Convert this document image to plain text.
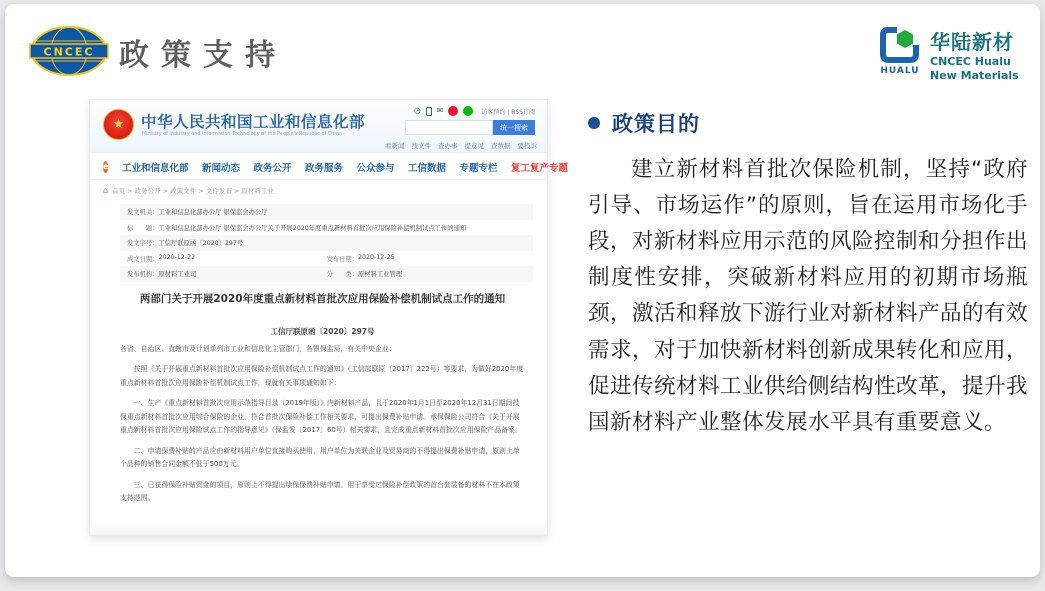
CNCEC 政策支持	HUALU
华陆新材
CNCEC Hualu
New Materials
★ 中华人民共和国工业和信息化部
Ministry of Industry and Information Technology of the People's Republic of China
◷ ✉	访客预约 | RSS订阅
统一搜索
看新闻 找文件 查办事 提意见 查数据 要投诉
e 工业和信息化部 新闻动态 政务公开 政务服务 公众参与 工信数据 专题专栏 复工复产专题
⌂ 首页 > 政务公开 > 政策文件 > 文件发布 > 原材料工业
发文机关： 工业和信息化部办公厅 银保监会办公厅
标　　题： 工业和信息化部办公厅 银保监会办公厅关于开展2020年度重点新材料首批次应用保险补偿机制试点工作的通知
发文字号： 工信厅联原函〔2020〕297号
成文日期： 2020-12-22	发布日期： 2020-12-25
发布机构： 原材料工业司	分　　类： 原材料工业管理
两部门关于开展2020年度重点新材料首批次应用保险补偿机制试点工作的通知
工信厅联原函〔2020〕297号

各省、自治区、直辖市及计划单列市工业和信息化主管部门，各银保监局，有关中央企业：

按照《关于开展重点新材料首批次应用保险补偿机制试点工作的通知》（工信部联原〔2017〕222号）等要求，为做好2020年度重点新材料首批次应用保险补偿机制试点工作，现就有关事项通知如下：

一、生产《重点新材料首批次应用示范指导目录（2019年版）》内新材料产品，且于2020年1月1日至2020年12月31日期间投保重点新材料首批次应用综合保险的企业，符合首批次保险补偿工作相关要求，可提出保费补贴申请。承保保险公司符合《关于开展重点新材料首批次应用保险试点工作的指导意见》（保监发〔2017〕60号）相关要求，且完成重点新材料首批次应用保险产品备案。

二、申请保费补贴的产品应由新材料用户单位直接购买使用，用户单位为关联企业及贸易商的不得提出保费补贴申请，原则上单个品种的销售合同金额不低于500万元。

三、已获得保险补贴资金的项目，原则上不得提出续保保费补贴申请。用于享受过保险补偿政策的首台套装备的材料不在本政策支持范围。

政策目的

建立新材料首批次保险机制，坚持“政府引导、市场运作”的原则，旨在运用市场化手段，对新材料应用示范的风险控制和分担作出制度性安排，突破新材料应用的初期市场瓶颈，激活和释放下游行业对新材料产品的有效需求，对于加快新材料创新成果转化和应用，促进传统材料工业供给侧结构性改革，提升我国新材料产业整体发展水平具有重要意义。
